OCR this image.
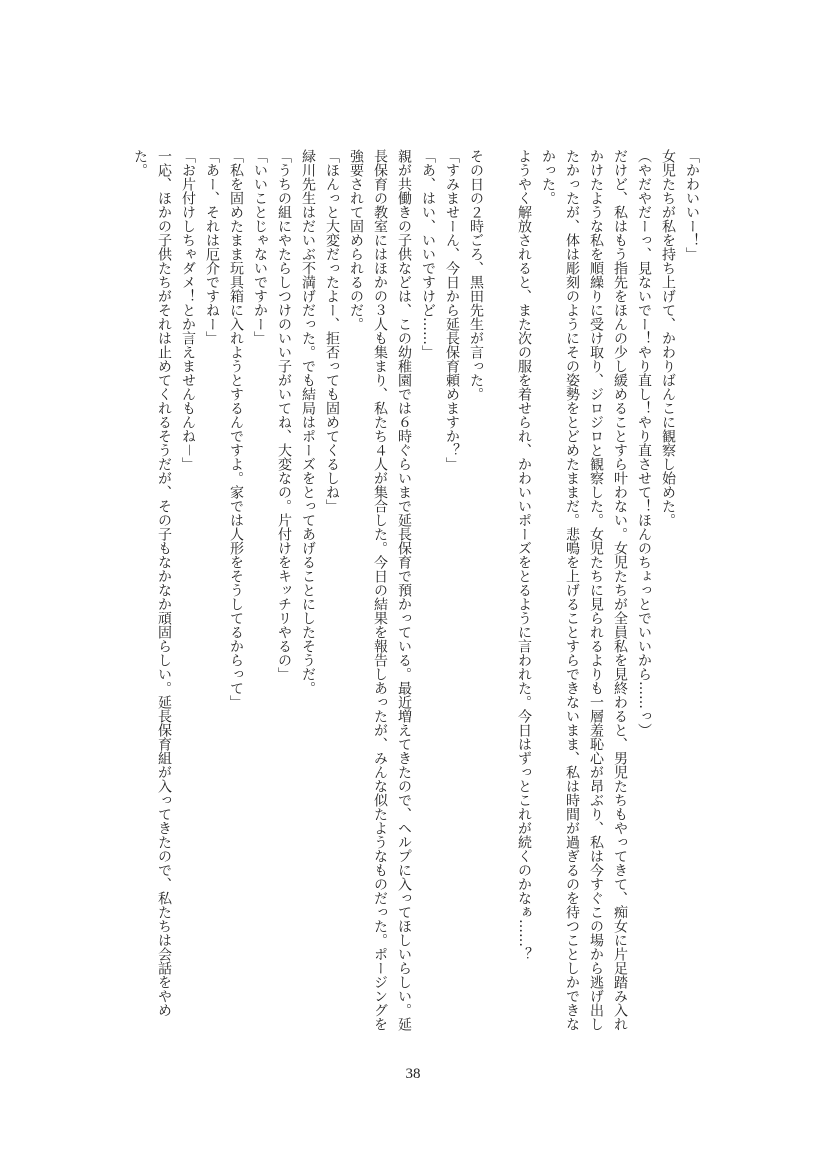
「かわいいー！」

女児たちが私を持ち上げて、かわりばんこに観察し始めた。

（やだやだーっ、見ないでー！やり直し！やり直させて！ほんのちょっとでいいから……っ）

だけど、私はもう指先をほんの少し緩めることすら叶わない。女児たちが全員私を見終わると、男児たちもやってきて、痴女に片足踏み入れかけたような私を順繰りに受け取り、ジロジロと観察した。女児たちに見られるよりも一層羞恥心が昂ぶり、私は今すぐこの場から逃げ出したかったが、体は彫刻のようにその姿勢をとどめたままだ。悲鳴を上げることすらできないまま、私は時間が過ぎるのを待つことしかできなかった。

ようやく解放されると、また次の服を着せられ、かわいいポーズをとるように言われた。今日はずっとこれが続くのかなぁ……？

その日の２時ごろ、黒田先生が言った。

「すみませーん、今日から延長保育頼めますか？」

「あ、はい、いいですけど……」

親が共働きの子供などは、この幼稚園では６時ぐらいまで延長保育で預かっている。最近増えてきたので、ヘルプに入ってほしいらしい。延長保育の教室にはほかの３人も集まり、私たち４人が集合した。今日の結果を報告しあったが、みんな似たようなものだった。ポージングを強要されて固められるのだ。

「ほんっと大変だったよー、拒否っても固めてくるしね」

緑川先生はだいぶ不満げだった。でも結局はポーズをとってあげることにしたそうだ。

「うちの組にやたらしつけのいい子がいてね、大変なの。片付けをキッチリやるの」

「いいことじゃないですかー」

「私を固めたまま玩具箱に入れようとするんですよ。家では人形をそうしてるからって」

「あー、それは厄介ですねー」

「お片付けしちゃダメ！とか言えませんもんね－」

一応、ほかの子供たちがそれは止めてくれるそうだが、その子もなかなか頑固らしい。延長保育組が入ってきたので、私たちは会話をやめた。

38
